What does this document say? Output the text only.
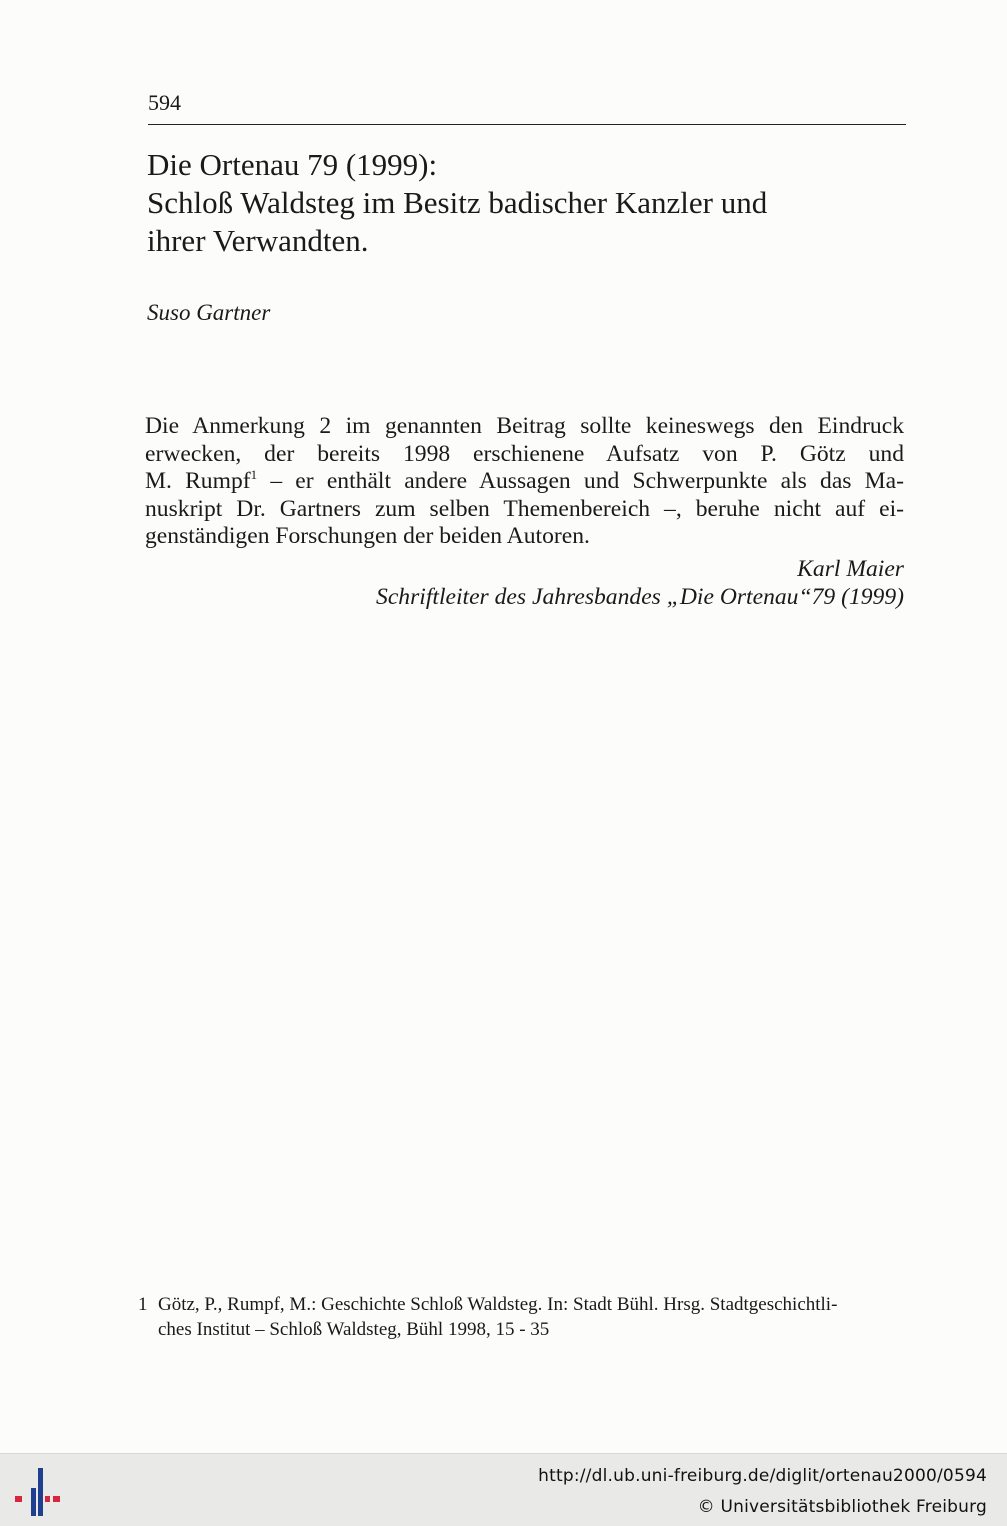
594
Die Ortenau 79 (1999):
Schloß Waldsteg im Besitz badischer Kanzler und
ihrer Verwandten.
Suso Gartner
Die Anmerkung 2 im genannten Beitrag sollte keineswegs den Eindruck
erwecken, der bereits 1998 erschienene Aufsatz von P. Götz und
M. Rumpf$^1$ – er enthält andere Aussagen und Schwerpunkte als das Ma-
nuskript Dr. Gartners zum selben Themenbereich –, beruhe nicht auf ei-
genständigen Forschungen der beiden Autoren.
Karl Maier
Schriftleiter des Jahresbandes „Die Ortenau“79 (1999)
1 Götz, P., Rumpf, M.: Geschichte Schloß Waldsteg. In: Stadt Bühl. Hrsg. Stadtgeschichtli-
ches Institut – Schloß Waldsteg, Bühl 1998, 15 - 35
http://dl.ub.uni-freiburg.de/diglit/ortenau2000/0594
© Universitätsbibliothek Freiburg
